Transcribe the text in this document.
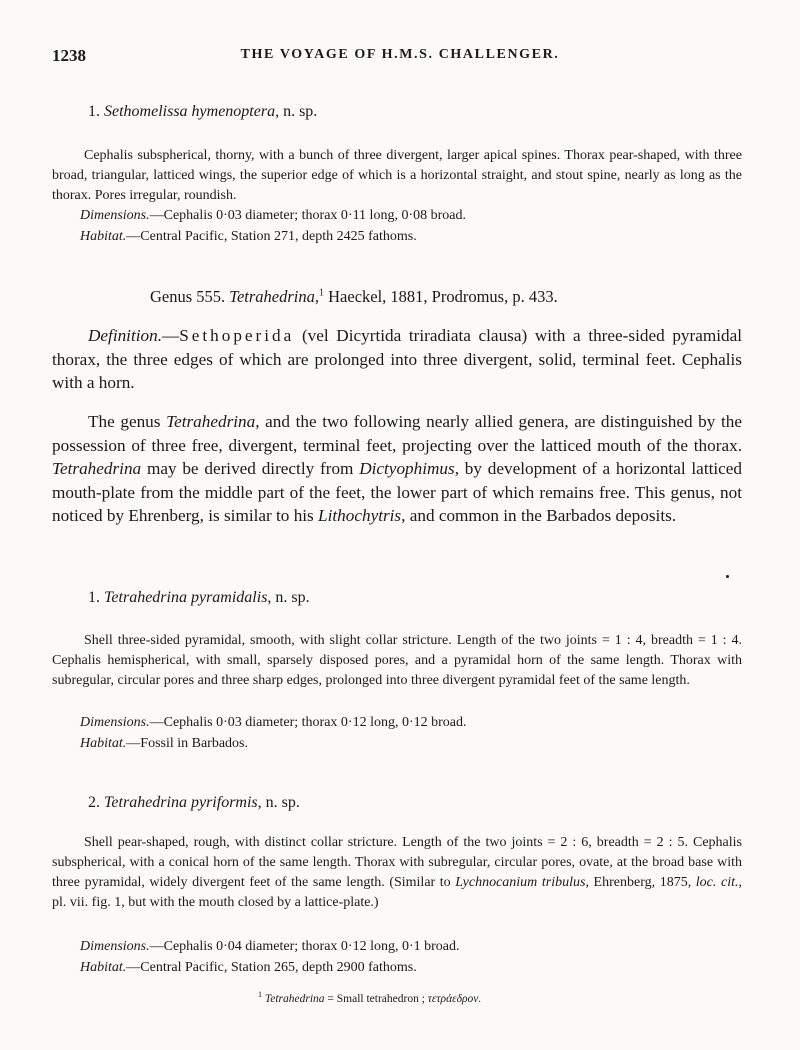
1238	THE VOYAGE OF H.M.S. CHALLENGER.
1. Sethomelissa hymenoptera, n. sp.

Cephalis subspherical, thorny, with a bunch of three divergent, larger apical spines. Thorax pear-shaped, with three broad, triangular, latticed wings, the superior edge of which is a horizontal straight, and stout spine, nearly as long as the thorax. Pores irregular, roundish.

Dimensions.—Cephalis 0·03 diameter; thorax 0·11 long, 0·08 broad.
Habitat.—Central Pacific, Station 271, depth 2425 fathoms.
Genus 555. Tetrahedrina,$^1$ Haeckel, 1881, Prodromus, p. 433.

Definition.—Sethoperida (vel Dicyrtida triradiata clausa) with a three-sided pyramidal thorax, the three edges of which are prolonged into three divergent, solid, terminal feet. Cephalis with a horn.

The genus Tetrahedrina, and the two following nearly allied genera, are distinguished by the possession of three free, divergent, terminal feet, projecting over the latticed mouth of the thorax. Tetrahedrina may be derived directly from Dictyophimus, by development of a horizontal latticed mouth-plate from the middle part of the feet, the lower part of which remains free. This genus, not noticed by Ehrenberg, is similar to his Lithochytris, and common in the Barbados deposits.

1. Tetrahedrina pyramidalis, n. sp.

Shell three-sided pyramidal, smooth, with slight collar stricture. Length of the two joints = 1 : 4, breadth = 1 : 4. Cephalis hemispherical, with small, sparsely disposed pores, and a pyramidal horn of the same length. Thorax with subregular, circular pores and three sharp edges, prolonged into three divergent pyramidal feet of the same length.

Dimensions.—Cephalis 0·03 diameter; thorax 0·12 long, 0·12 broad.
Habitat.—Fossil in Barbados.
2. Tetrahedrina pyriformis, n. sp.

Shell pear-shaped, rough, with distinct collar stricture. Length of the two joints = 2 : 6, breadth = 2 : 5. Cephalis subspherical, with a conical horn of the same length. Thorax with subregular, circular pores, ovate, at the broad base with three pyramidal, widely divergent feet of the same length. (Similar to Lychnocanium tribulus, Ehrenberg, 1875, loc. cit., pl. vii. fig. 1, but with the mouth closed by a lattice-plate.)

Dimensions.—Cephalis 0·04 diameter; thorax 0·12 long, 0·1 broad.
Habitat.—Central Pacific, Station 265, depth 2900 fathoms.
$^1$ Tetrahedrina = Small tetrahedron ; τετράεδρον.
